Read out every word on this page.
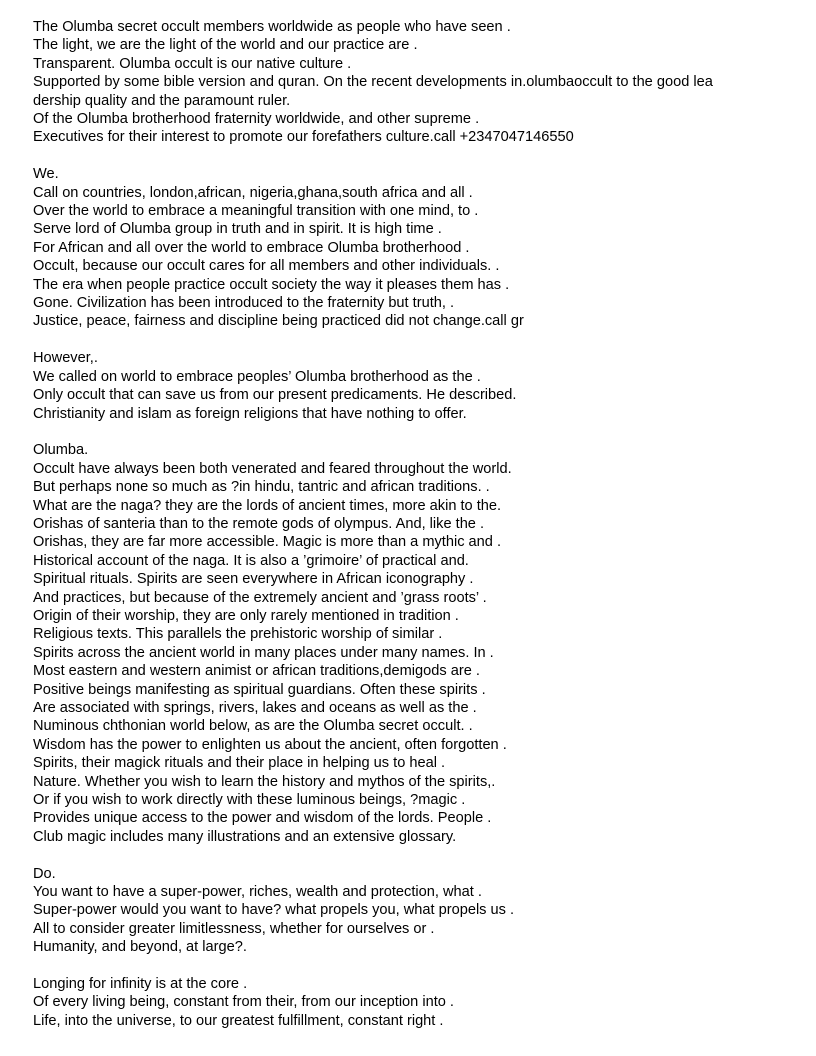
The Olumba secret occult members worldwide as people who have seen .
The light, we are the light of the world and our practice are .
Transparent. Olumba occult is our native culture .
Supported by some bible version and quran. On the recent developments in.olumbaoccult to the good lea
dership quality and the paramount ruler.
Of the Olumba brotherhood fraternity worldwide, and other supreme .
Executives for their interest to promote our forefathers culture.call +2347047146550

We.
Call on countries, london,african, nigeria,ghana,south africa and all .
Over the world to embrace a meaningful transition with one mind, to .
Serve lord of Olumba group in truth and in spirit. It is high time .
For African and all over the world to embrace Olumba brotherhood .
Occult, because our occult cares for all members and other individuals. .
The era when people practice occult society the way it pleases them has .
Gone. Civilization has been introduced to the fraternity but truth, .
Justice, peace, fairness and discipline being practiced did not change.call gr

However,.
We called on world to embrace peoples’ Olumba brotherhood as the .
Only occult that can save us from our present predicaments. He described.
Christianity and islam as foreign religions that have nothing to offer.

Olumba.
Occult have always been both venerated and feared throughout the world.
But perhaps none so much as ?in hindu, tantric and african traditions. .
What are the naga? they are the lords of ancient times, more akin to the.
Orishas of santeria than to the remote gods of olympus. And, like the .
Orishas, they are far more accessible. Magic is more than a mythic and .
Historical account of the naga. It is also a ’grimoire’ of practical and.
Spiritual rituals. Spirits are seen everywhere in African iconography .
And practices, but because of the extremely ancient and ’grass roots’ .
Origin of their worship, they are only rarely mentioned in tradition .
Religious texts. This parallels the prehistoric worship of similar .
Spirits across the ancient world in many places under many names. In .
Most eastern and western animist or african traditions,demigods are .
Positive beings manifesting as spiritual guardians. Often these spirits .
Are associated with springs, rivers, lakes and oceans as well as the .
Numinous chthonian world below, as are the Olumba secret occult. .
Wisdom has the power to enlighten us about the ancient, often forgotten .
Spirits, their magick rituals and their place in helping us to heal .
Nature. Whether you wish to learn the history and mythos of the spirits,.
Or if you wish to work directly with these luminous beings, ?magic .
Provides unique access to the power and wisdom of the lords. People .
Club magic includes many illustrations and an extensive glossary.

Do.
You want to have a super-power, riches, wealth and protection, what .
Super-power would you want to have? what propels you, what propels us .
All to consider greater limitlessness, whether for ourselves or .
Humanity, and beyond, at large?.

Longing for infinity is at the core .
Of every living being, constant from their, from our inception into .
Life, into the universe, to our greatest fulfillment, constant right .
